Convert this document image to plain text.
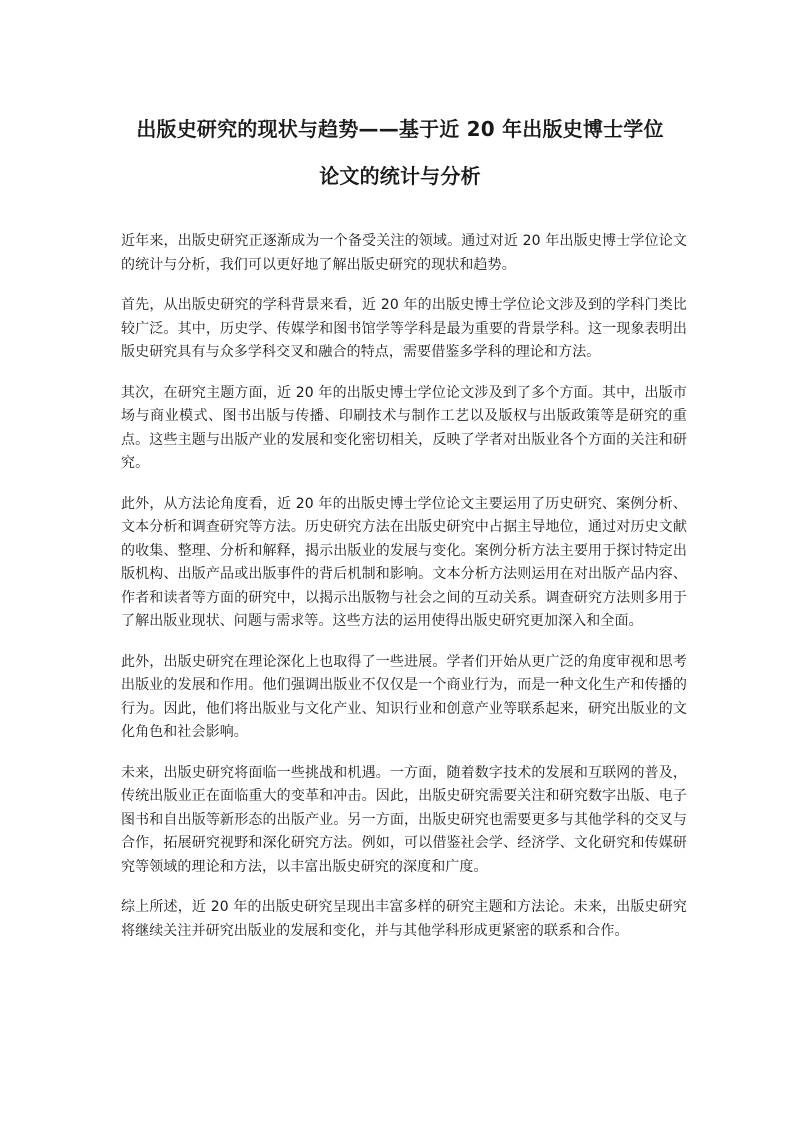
出版史研究的现状与趋势——基于近 20 年出版史博士学位
论文的统计与分析

近年来，出版史研究正逐渐成为一个备受关注的领域。通过对近 20 年出版史博士学位论文的统计与分析，我们可以更好地了解出版史研究的现状和趋势。

首先，从出版史研究的学科背景来看，近 20 年的出版史博士学位论文涉及到的学科门类比较广泛。其中，历史学、传媒学和图书馆学等学科是最为重要的背景学科。这一现象表明出版史研究具有与众多学科交叉和融合的特点，需要借鉴多学科的理论和方法。

其次，在研究主题方面，近 20 年的出版史博士学位论文涉及到了多个方面。其中，出版市场与商业模式、图书出版与传播、印刷技术与制作工艺以及版权与出版政策等是研究的重点。这些主题与出版产业的发展和变化密切相关，反映了学者对出版业各个方面的关注和研究。

此外，从方法论角度看，近 20 年的出版史博士学位论文主要运用了历史研究、案例分析、文本分析和调查研究等方法。历史研究方法在出版史研究中占据主导地位，通过对历史文献的收集、整理、分析和解释，揭示出版业的发展与变化。案例分析方法主要用于探讨特定出版机构、出版产品或出版事件的背后机制和影响。文本分析方法则运用在对出版产品内容、作者和读者等方面的研究中，以揭示出版物与社会之间的互动关系。调查研究方法则多用于了解出版业现状、问题与需求等。这些方法的运用使得出版史研究更加深入和全面。

此外，出版史研究在理论深化上也取得了一些进展。学者们开始从更广泛的角度审视和思考出版业的发展和作用。他们强调出版业不仅仅是一个商业行为，而是一种文化生产和传播的行为。因此，他们将出版业与文化产业、知识行业和创意产业等联系起来，研究出版业的文化角色和社会影响。

未来，出版史研究将面临一些挑战和机遇。一方面，随着数字技术的发展和互联网的普及，传统出版业正在面临重大的变革和冲击。因此，出版史研究需要关注和研究数字出版、电子图书和自出版等新形态的出版产业。另一方面，出版史研究也需要更多与其他学科的交叉与合作，拓展研究视野和深化研究方法。例如，可以借鉴社会学、经济学、文化研究和传媒研究等领域的理论和方法，以丰富出版史研究的深度和广度。

综上所述，近 20 年的出版史研究呈现出丰富多样的研究主题和方法论。未来，出版史研究将继续关注并研究出版业的发展和变化，并与其他学科形成更紧密的联系和合作。
